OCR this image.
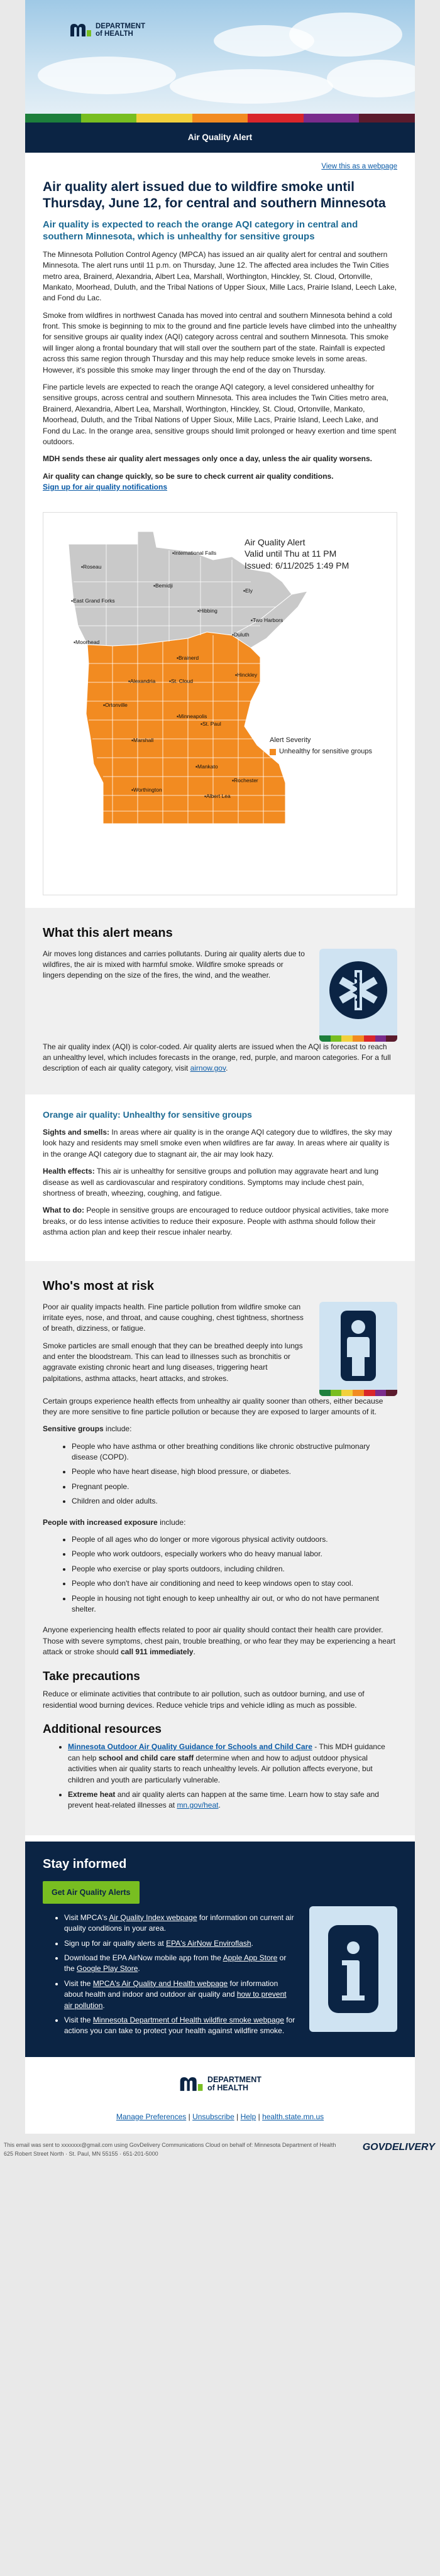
DEPARTMENT
of HEALTH
Air Quality Alert
View this as a webpage
Air quality alert issued due to wildfire smoke until Thursday, June 12, for central and southern Minnesota
Air quality is expected to reach the orange AQI category in central and southern Minnesota, which is unhealthy for sensitive groups

The Minnesota Pollution Control Agency (MPCA) has issued an air quality alert for central and southern Minnesota. The alert runs until 11 p.m. on Thursday, June 12. The affected area includes the Twin Cities metro area, Brainerd, Alexandria, Albert Lea, Marshall, Worthington, Hinckley, St. Cloud, Ortonville, Mankato, Moorhead, Duluth, and the Tribal Nations of Upper Sioux, Mille Lacs, Prairie Island, Leech Lake, and Fond du Lac.

Smoke from wildfires in northwest Canada has moved into central and southern Minnesota behind a cold front. This smoke is beginning to mix to the ground and fine particle levels have climbed into the unhealthy for sensitive groups air quality index (AQI) category across central and southern Minnesota. This smoke will linger along a frontal boundary that will stall over the southern part of the state. Rainfall is expected across this same region through Thursday and this may help reduce smoke levels in some areas. However, it's possible this smoke may linger through the end of the day on Thursday.

Fine particle levels are expected to reach the orange AQI category, a level considered unhealthy for sensitive groups, across central and southern Minnesota. This area includes the Twin Cities metro area, Brainerd, Alexandria, Albert Lea, Marshall, Worthington, Hinckley, St. Cloud, Ortonville, Mankato, Moorhead, Duluth, and the Tribal Nations of Upper Sioux, Mille Lacs, Prairie Island, Leech Lake, and Fond du Lac. In the orange area, sensitive groups should limit prolonged or heavy exertion and time spent outdoors.

MDH sends these air quality alert messages only once a day, unless the air quality worsens.

Air quality can change quickly, so be sure to check current air quality conditions.

Sign up for air quality notifications

Air Quality Alert
Valid until Thu at 11 PM
Issued: 6/11/2025 1:49 PM
▪Roseau
▪International Falls
▪East Grand Forks
▪Bemidji
▪Ely
▪Hibbing
▪Two Harbors
▪Moorhead
▪Duluth
▪Brainerd
▪Hinckley
▪Alexandria	▪St. Cloud
▪Ortonville
▪Minneapolis
▪St. Paul
▪Marshall
▪Mankato
▪Rochester
▪Worthington
▪Albert Lea
Alert Severity
Unhealthy for sensitive groups
What this alert means

Air moves long distances and carries pollutants. During air quality alerts due to wildfires, the air is mixed with harmful smoke. Wildfire smoke spreads or lingers depending on the size of the fires, the wind, and the weather.

The air quality index (AQI) is color-coded. Air quality alerts are issued when the AQI is forecast to reach an unhealthy level, which includes forecasts in the orange, red, purple, and maroon categories. For a full description of each air quality category, visit airnow.gov.

Orange air quality: Unhealthy for sensitive groups

Sights and smells: In areas where air quality is in the orange AQI category due to wildfires, the sky may look hazy and residents may smell smoke even when wildfires are far away. In areas where air quality is in the orange AQI category due to stagnant air, the air may look hazy.

Health effects: This air is unhealthy for sensitive groups and pollution may aggravate heart and lung disease as well as cardiovascular and respiratory conditions. Symptoms may include chest pain, shortness of breath, wheezing, coughing, and fatigue.

What to do: People in sensitive groups are encouraged to reduce outdoor physical activities, take more breaks, or do less intense activities to reduce their exposure. People with asthma should follow their asthma action plan and keep their rescue inhaler nearby.

Who's most at risk

Poor air quality impacts health. Fine particle pollution from wildfire smoke can irritate eyes, nose, and throat, and cause coughing, chest tightness, shortness of breath, dizziness, or fatigue.

Smoke particles are small enough that they can be breathed deeply into lungs and enter the bloodstream. This can lead to illnesses such as bronchitis or aggravate existing chronic heart and lung diseases, triggering heart palpitations, asthma attacks, heart attacks, and strokes.

Certain groups experience health effects from unhealthy air quality sooner than others, either because they are more sensitive to fine particle pollution or because they are exposed to larger amounts of it.

Sensitive groups include:

• People who have asthma or other breathing conditions like chronic obstructive pulmonary disease (COPD).
• People who have heart disease, high blood pressure, or diabetes.
• Pregnant people.
• Children and older adults.

People with increased exposure include:

• People of all ages who do longer or more vigorous physical activity outdoors.
• People who work outdoors, especially workers who do heavy manual labor.
• People who exercise or play sports outdoors, including children.
• People who don't have air conditioning and need to keep windows open to stay cool.
• People in housing not tight enough to keep unhealthy air out, or who do not have permanent shelter.

Anyone experiencing health effects related to poor air quality should contact their health care provider. Those with severe symptoms, chest pain, trouble breathing, or who fear they may be experiencing a heart attack or stroke should call 911 immediately.

Take precautions

Reduce or eliminate activities that contribute to air pollution, such as outdoor burning, and use of residential wood burning devices. Reduce vehicle trips and vehicle idling as much as possible.

Additional resources
• Minnesota Outdoor Air Quality Guidance for Schools and Child Care - This MDH guidance can help school and child care staff determine when and how to adjust outdoor physical activities when air quality starts to reach unhealthy levels. Air pollution affects everyone, but children and youth are particularly vulnerable.
• Extreme heat and air quality alerts can happen at the same time. Learn how to stay safe and prevent heat-related illnesses at mn.gov/heat.
Stay informed
Get Air Quality Alerts
• Visit MPCA's Air Quality Index webpage for information on current air quality conditions in your area.
• Sign up for air quality alerts at EPA's AirNow Enviroflash.
• Download the EPA AirNow mobile app from the Apple App Store or the Google Play Store.
• Visit the MPCA's Air Quality and Health webpage for information about health and indoor and outdoor air quality and how to prevent air pollution.
• Visit the Minnesota Department of Health wildfire smoke webpage for actions you can take to protect your health against wildfire smoke.
DEPARTMENT
of HEALTH
Manage Preferences | Unsubscribe | Help | health.state.mn.us
This email was sent to xxxxxxx@gmail.com using GovDelivery Communications Cloud on behalf of: Minnesota Department of Health
625 Robert Street North · St. Paul, MN 55155 · 651-201-5000
GOVDELIVERY
